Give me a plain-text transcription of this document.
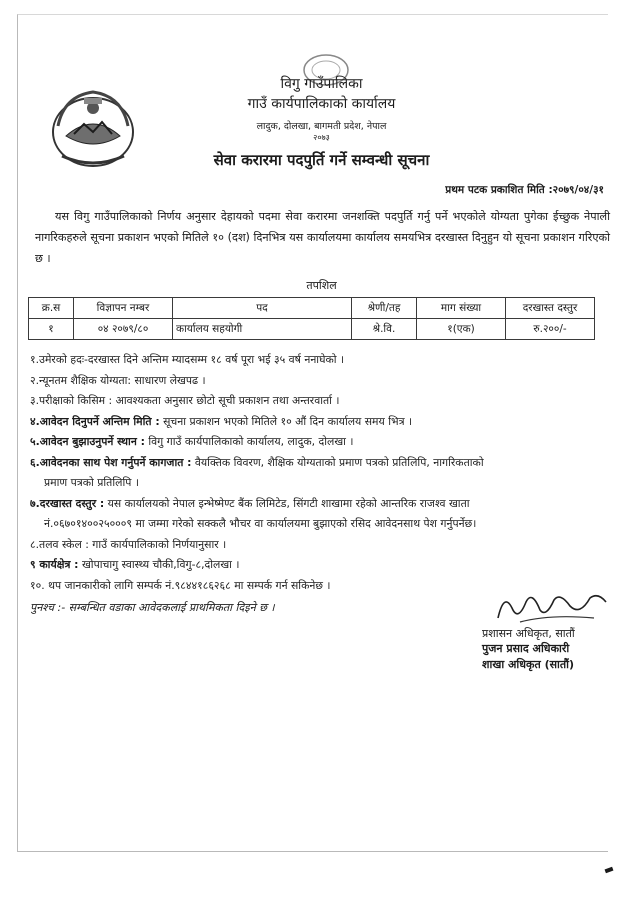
विगु गाउँपालिका
गाउँ कार्यपालिकाको कार्यालय
लादुक, दोलखा, बागमती प्रदेश, नेपाल
२०७३
सेवा करारमा पदपुर्ति गर्ने सम्वन्धी सूचना
प्रथम पटक प्रकाशित मिति :२०७९/०४/३१

यस विगु गाउँपालिकाको निर्णय अनुसार देहायको पदमा सेवा करारमा जनशक्ति पदपुर्ति गर्नु पर्ने भएकोले योग्यता पुगेका ईच्छुक नेपाली नागरिकहरुले सूचना प्रकाशन भएको मितिले १० (दश) दिनभित्र यस कार्यालयमा कार्यालय समयभित्र दरखास्त दिनुहुन यो सूचना प्रकाशन गरिएको छ ।

तपशिल
क्र.स	विज्ञापन नम्बर	पद	श्रेणी/तह	माग संख्या	दरखास्त दस्तुर
१	०४ २०७९/८०	कार्यालय सहयोगी	श्रे.वि.	१(एक)	रु.२००/-
१.उमेरको हदः-दरखास्त दिने अन्तिम म्यादसम्म १८ वर्ष पूरा भई ३५ वर्ष ननाघेको ।
२.न्यूनतम शैक्षिक योग्यता: साधारण लेखपढ ।
३.परीक्षाको किसिम : आवश्यकता अनुसार छोटो सूची प्रकाशन तथा अन्तरवार्ता ।
४.आवेदन दिनुपर्ने अन्तिम मिति : सूचना प्रकाशन भएको मितिले १० औं दिन कार्यालय समय भित्र ।
५.आवेदन बुझाउनुपर्ने स्थान : विगु गाउँ कार्यपालिकाको कार्यालय, लादुक, दोलखा ।
६.आवेदनका साथ पेश गर्नुपर्ने कागजात : वैयक्तिक विवरण, शैक्षिक योग्यताको प्रमाण पत्रको प्रतिलिपि, नागरिकताको
प्रमाण पत्रको प्रतिलिपि ।
७.दरखास्त दस्तुर : यस कार्यालयको नेपाल इन्भेष्मेण्ट बैंक लिमिटेड, सिंगटी शाखामा रहेको आन्तरिक राजश्व खाता
नं.०६७०१४००२५०००९ मा जम्मा गरेको सक्कलै भौचर वा कार्यालयमा बुझाएको रसिद आवेदनसाथ पेश गर्नुपर्नेछ।
८.तलव स्केल : गाउँ कार्यपालिकाको निर्णयानुसार ।
९ कार्यक्षेत्र : खोपाचागु स्वास्थ्य चौकी,विगु-८,दोलखा ।
१०. थप जानकारीको लागि सम्पर्क नं.९८४४१८६२६८ मा सम्पर्क गर्न सकिनेछ ।
पुनश्च :- सम्बन्धित वडाका आवेदकलाई प्राथमिकता दिइने छ ।
प्रशासन अधिकृत, सातौं
पुजन प्रसाद अधिकारी
शाखा अधिकृत (सातौं)
